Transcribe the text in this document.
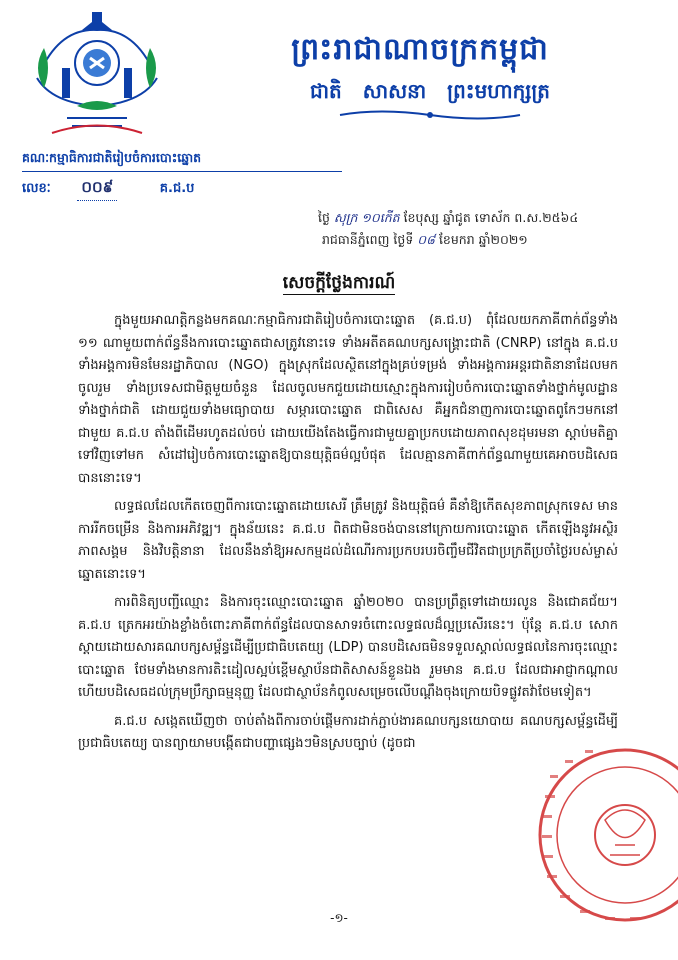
ព្រះរាជាណាចក្រកម្ពុជា
ជាតិ សាសនា ព្រះមហាក្សត្រ
គណៈកម្មាធិការជាតិរៀបចំការបោះឆ្នោត
លេខៈ ០០៩	គ.ជ.ប
ថ្ងៃ សុក្រ ១០កើត ខែបុស្ស ឆ្នាំជូត ទោស័ក ព.ស.២៥៦៤
រាជធានីភ្នំពេញ ថ្ងៃទី ០៨ ខែមករា ឆ្នាំ២០២១
សេចក្តីថ្លែងការណ៍

ក្នុងមួយអាណត្តិកន្លងមកគណៈកម្មាធិការជាតិរៀបចំការបោះឆ្នោត (គ.ជ.ប) ពុំដែលយកភាគីពាក់ព័ន្ធទាំង ១១ ណាមួយពាក់ព័ន្ធនឹងការបោះឆ្នោតជាសត្រូវនោះទេ ទាំងអតីតគណបក្សសង្គ្រោះជាតិ (CNRP) នៅក្នុង គ.ជ.ប ទាំងអង្គការមិនមែនរដ្ឋាភិបាល (NGO) ក្នុងស្រុកដែលស្ថិតនៅក្នុងគ្រប់ទម្រង់ ទាំងអង្គការអន្តរជាតិនានាដែលមកចូលរួម ទាំងប្រទេសជាមិត្តមួយចំនួន ដែលចូលមកជួយដោយស្មោះក្នុងការរៀបចំការបោះឆ្នោតទាំងថ្នាក់មូលដ្ឋាន ទាំងថ្នាក់ជាតិ ដោយជួយទាំងមធ្យោបាយ សម្ភារបោះឆ្នោត ជាពិសេស គឺអ្នកជំនាញការបោះឆ្នោតពូកែៗមកនៅជាមួយ គ.ជ.ប តាំងពីដើមរហូតដល់ចប់ ដោយយើងតែងធ្វើការជាមួយគ្នាប្រកបដោយភាពសុខដុមរមនា ស្តាប់មតិគ្នាទៅវិញទៅមក សំដៅរៀបចំការបោះឆ្នោតឱ្យបានយុត្តិធម៌ល្អបំផុត ដែលគ្មានភាគីពាក់ព័ន្ធណាមួយគេអាចបដិសេធបាននោះទេ។

លទ្ធផលដែលកើតចេញពីការបោះឆ្នោតដោយសេរី ត្រឹមត្រូវ និងយុត្តិធម៌ គឺនាំឱ្យកើតសុខភាពស្រុកទេស មានការរីកចម្រើន និងការអភិវឌ្ឍ។ ក្នុងន័យនេះ គ.ជ.ប ពិតជាមិនចង់បាននៅក្រោយការបោះឆ្នោត កើតឡើងនូវអស្ថិរភាពសង្គម និងវិបត្តិនានា ដែលនឹងនាំឱ្យអសកម្មដល់ដំណើរការប្រកបរបរចិញ្ចឹមជីវិតជាប្រក្រតីប្រចាំថ្ងៃរបស់ម្ចាស់ឆ្នោតនោះទេ។

ការពិនិត្យបញ្ជីឈ្មោះ និងការចុះឈ្មោះបោះឆ្នោត ឆ្នាំ២០២០ បានប្រព្រឹត្តទៅដោយរលូន និងជោគជ័យ។ គ.ជ.ប ត្រេកអរយ៉ាងខ្លាំងចំពោះភាគីពាក់ព័ន្ធដែលបានសាទរចំពោះលទ្ធផលដ៏ល្អប្រសើរនេះ។ ប៉ុន្តែ គ.ជ.ប សោកស្តាយដោយសារគណបក្សសម្ព័ន្ធដើម្បីប្រជាធិបតេយ្យ (LDP) បានបដិសេធមិនទទួលស្គាល់លទ្ធផលនៃការចុះឈ្មោះបោះឆ្នោត ថែមទាំងមានការតិះដៀលស្អប់ខ្ពើមស្ថាប័នជាតិសាសន៍ខ្លួនឯង រួមមាន គ.ជ.ប ដែលជាអាជ្ញាកណ្តាល ហើយបដិសេធដល់ក្រុមប្រឹក្សាធម្មនុញ្ញ ដែលជាស្ថាប័នកំពូលសម្រេចលើបណ្តឹងចុងក្រោយបិទផ្លូវតវ៉ាថែមទៀត។

គ.ជ.ប សង្កេតឃើញថា ចាប់តាំងពីការចាប់ផ្តើមការដាក់ភ្ជាប់ងារគណបក្សនយោបាយ គណបក្សសម្ព័ន្ធដើម្បីប្រជាធិបតេយ្យ បានព្យាយាមបង្កើតជាបញ្ហាផ្សេងៗមិនស្របច្បាប់ (ដូចជា

-១-
